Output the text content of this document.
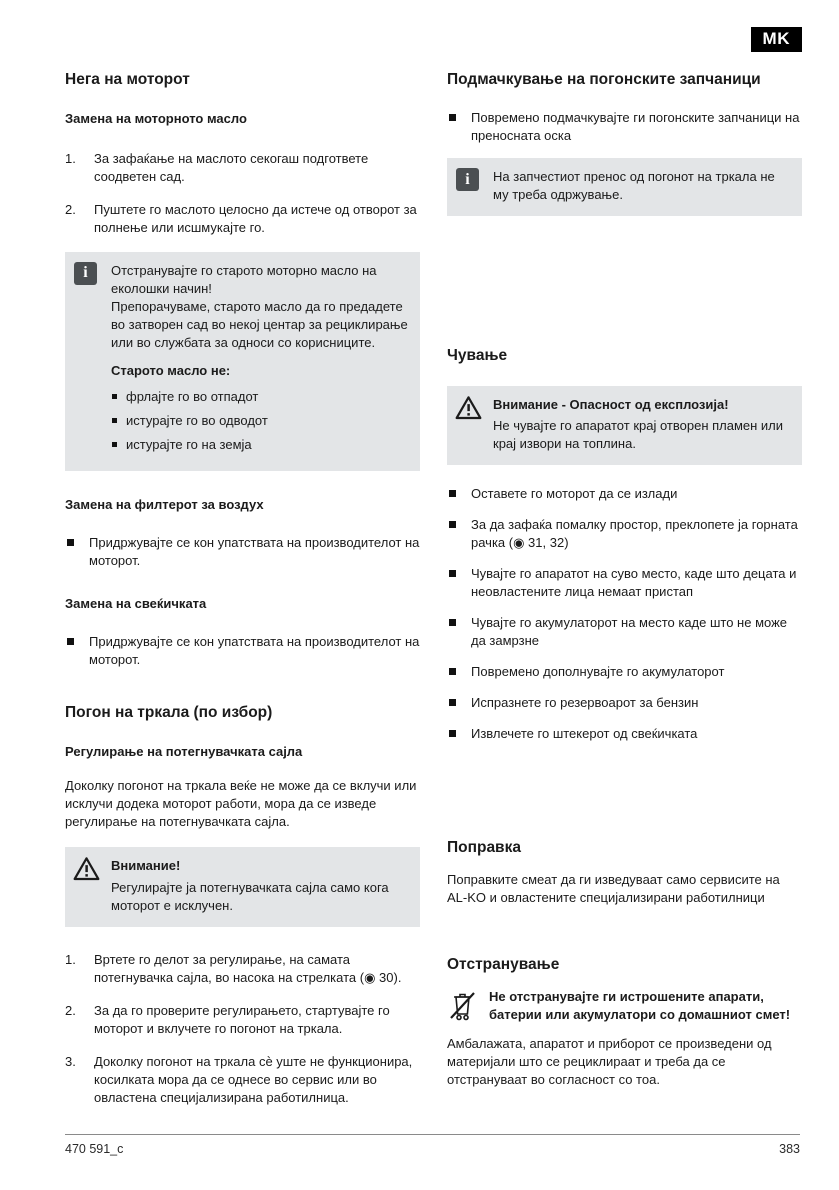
MK
Нега на моторот
Замена на моторното масло
1.	За зафаќање на маслото секогаш подгответе соодветен сад.
2.	Пуштете го маслото целосно да истече од отворот за полнење или исшмукајте го.
i	Отстранувајте го старото моторно масло на еколошки начин!

Препорачуваме, старото масло да го предадете во затворен сад во некој центар за рециклирање или во службата за односи со корисниците.

Старото масло не:
фрлајте го во отпадот
истурајте го во одводот
истурајте го на земја
Замена на филтерот за воздух
Придржувајте се кон упатствата на производителот на моторот.
Замена на свеќичката
Придржувајте се кон упатствата на производителот на моторот.
Погон на тркала (по избор)
Регулирање на потегнувачката сајла

Доколку погонот на тркала веќе не може да се вклучи или исклучи додека моторот работи, мора да се изведе регулирање на потегнувачката сајла.

Внимание!

Регулирајте ја потегнувачката сајла само кога моторот е исклучен.

1.	Вртете го делот за регулирање, на самата потегнувачка сајла, во насока на стрелката (◉ 30).
2.	За да го проверите регулирањето, стартувајте го моторот и вклучете го погонот на тркала.
3.	Доколку погонот на тркала сѐ уште не функционира, косилката мора да се однесе во сервис или во овластена специјализирана работилница.
Подмачкување на погонските запчаници
Повремено подмачкувајте ги погонските запчаници на преносната оска
i	На запчестиот пренос од погонот на тркала не му треба одржување.

Чување
Внимание - Опасност од експлозија!

Не чувајте го апаратот крај отворен пламен или крај извори на топлина.

Оставете го моторот да се излади
За да зафаќа помалку простор, преклопете ја горната рачка (◉ 31, 32)
Чувајте го апаратот на суво место, каде што децата и неовластените лица немаат пристап
Чувајте го акумулаторот на место каде што не може да замрзне
Повремено дополнувајте го акумулаторот
Испразнете го резервоарот за бензин
Извлечете го штекерот од свеќичката
Поправка

Поправките смеат да ги изведуваат само сервисите на AL-KO и овластените специјализирани работилници

Отстранување
Не отстранувајте ги истрошените апарати, батерии или акумулатори со домашниот смет!

Амбалажата, апаратот и приборот се произведени од материјали што се рециклираат и треба да се отстрануваат во согласност со тоа.

470 591_c	383
